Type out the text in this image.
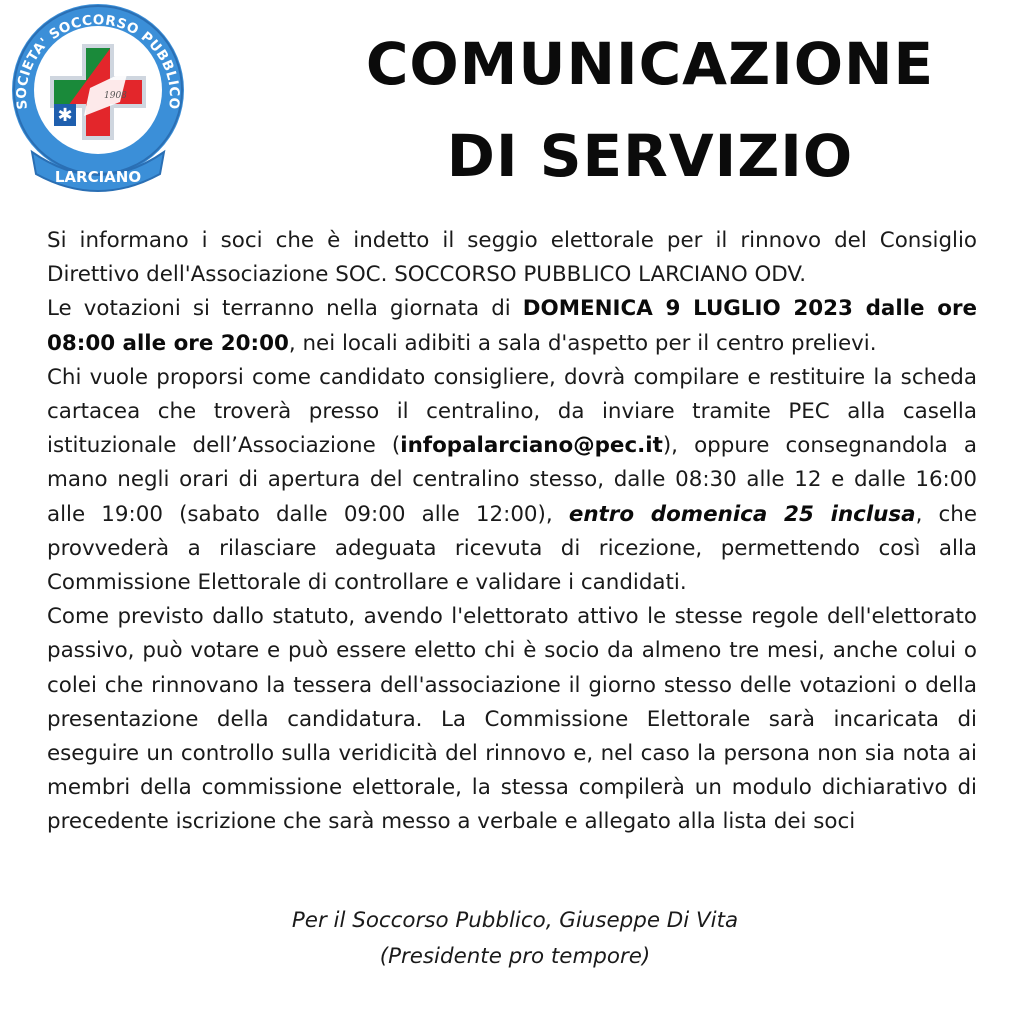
SOCIETA' SOCCORSO PUBBLICO
1908
✱
LARCIANO
COMUNICAZIONE
DI SERVIZIO

Si informano i soci che è indetto il seggio elettorale per il rinnovo del Consiglio Direttivo dell'Associazione SOC. SOCCORSO PUBBLICO LARCIANO ODV.

Le votazioni si terranno nella giornata di DOMENICA 9 LUGLIO 2023 dalle ore 08:00 alle ore 20:00, nei locali adibiti a sala d'aspetto per il centro prelievi.

Chi vuole proporsi come candidato consigliere, dovrà compilare e restituire la scheda cartacea che troverà presso il centralino, da inviare tramite PEC alla casella istituzionale dell’Associazione (infopalarciano@pec.it), oppure consegnandola a mano negli orari di apertura del centralino stesso, dalle 08:30 alle 12 e dalle 16:00 alle 19:00 (sabato dalle 09:00 alle 12:00), entro domenica 25 inclusa, che provvederà a rilasciare adeguata ricevuta di ricezione, permettendo così alla Commissione Elettorale di controllare e validare i candidati.

Come previsto dallo statuto, avendo l'elettorato attivo le stesse regole dell'elettorato passivo, può votare e può essere eletto chi è socio da almeno tre mesi, anche colui o colei che rinnovano la tessera dell'associazione il giorno stesso delle votazioni o della presentazione della candidatura. La Commissione Elettorale sarà incaricata di eseguire un controllo sulla veridicità del rinnovo e, nel caso la persona non sia nota ai membri della commissione elettorale, la stessa compilerà un modulo dichiarativo di precedente iscrizione che sarà messo a verbale e allegato alla lista dei soci

Per il Soccorso Pubblico, Giuseppe Di Vita
(Presidente pro tempore)
